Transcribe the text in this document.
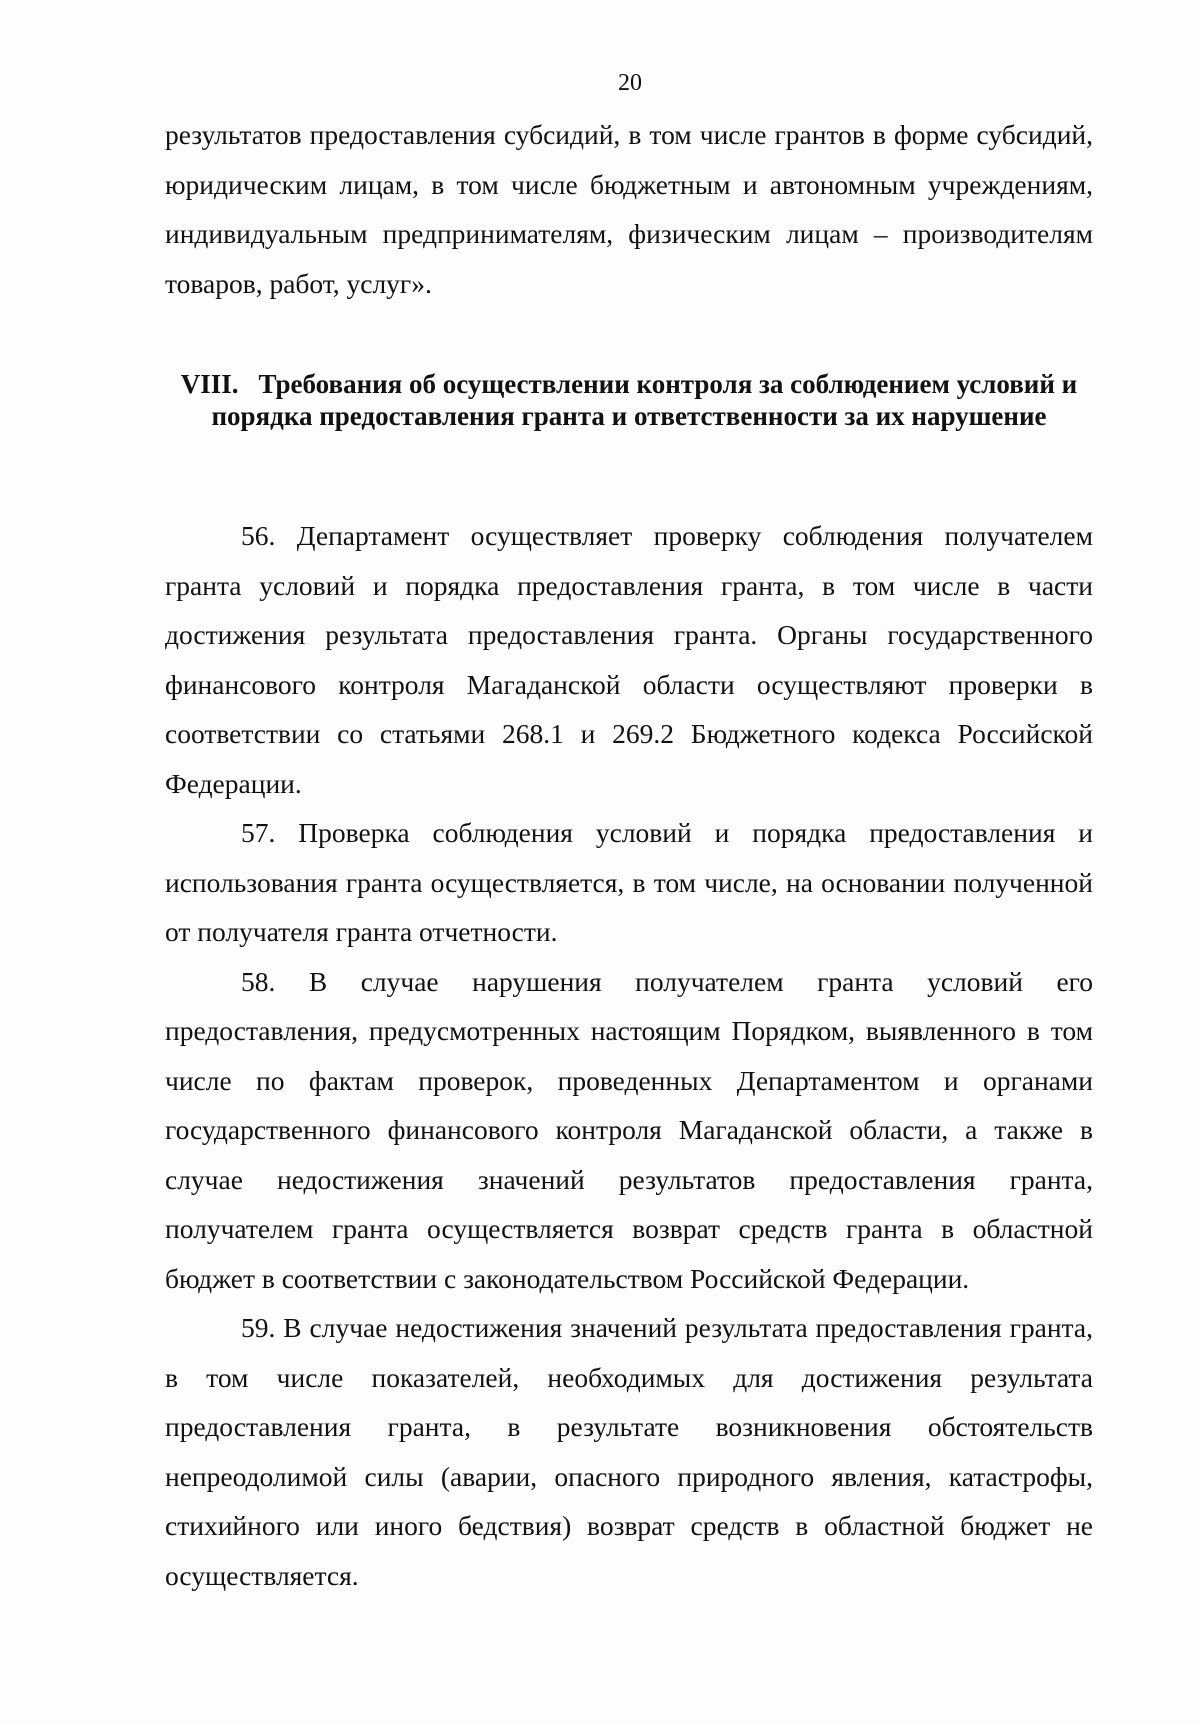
20

результатов предоставления субсидий, в том числе грантов в форме субсидий, юридическим лицам, в том числе бюджетным и автономным учреждениям, индивидуальным предпринимателям, физическим лицам – производителям товаров, работ, услуг».

VIII. Требования об осуществлении контроля за соблюдением условий и порядка предоставления гранта и ответственности за их нарушение

56. Департамент осуществляет проверку соблюдения получателем гранта условий и порядка предоставления гранта, в том числе в части достижения результата предоставления гранта. Органы государственного финансового контроля Магаданской области осуществляют проверки в соответствии со статьями 268.1 и 269.2 Бюджетного кодекса Российской Федерации.

57. Проверка соблюдения условий и порядка предоставления и использования гранта осуществляется, в том числе, на основании полученной от получателя гранта отчетности.

58. В случае нарушения получателем гранта условий его предоставления, предусмотренных настоящим Порядком, выявленного в том числе по фактам проверок, проведенных Департаментом и органами государственного финансового контроля Магаданской области, а также в случае недостижения значений результатов предоставления гранта, получателем гранта осуществляется возврат средств гранта в областной бюджет в соответствии с законодательством Российской Федерации.

59. В случае недостижения значений результата предоставления гранта, в том числе показателей, необходимых для достижения результата предоставления гранта, в результате возникновения обстоятельств непреодолимой силы (аварии, опасного природного явления, катастрофы, стихийного или иного бедствия) возврат средств в областной бюджет не осуществляется.
